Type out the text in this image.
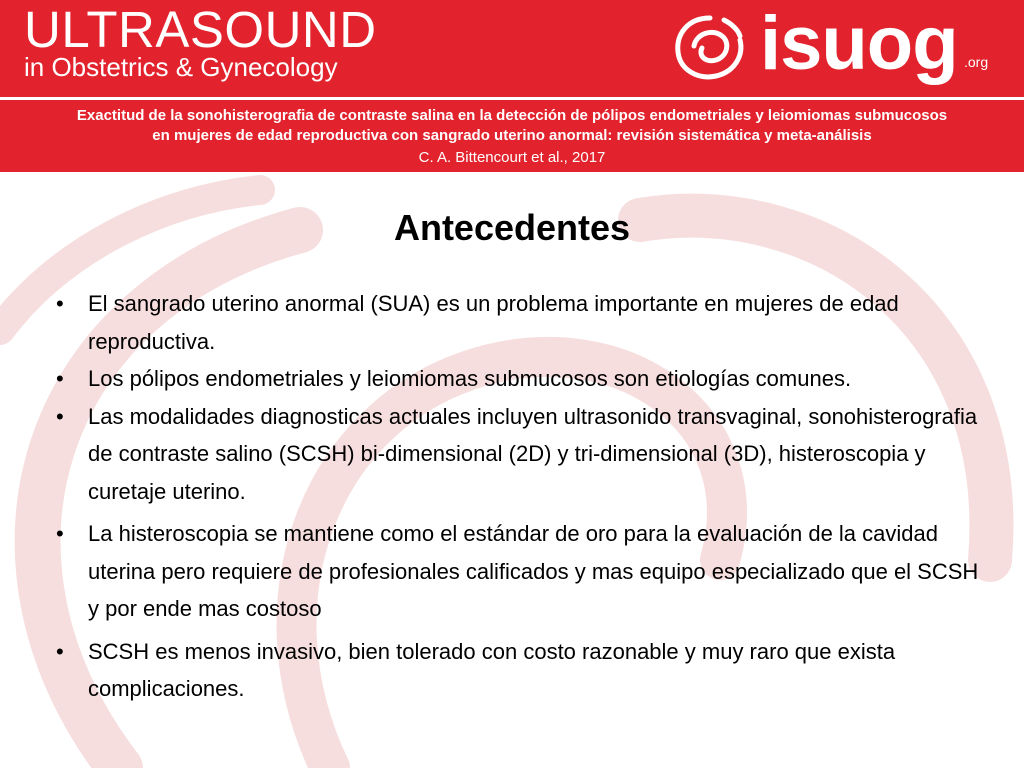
ULTRASOUND
in Obstetrics & Gynecology	isuog .org
Exactitud de la sonohisterografia de contraste salina en la detección de pólipos endometriales y leiomiomas submucosos
en mujeres de edad reproductiva con sangrado uterino anormal: revisión sistemática y meta-análisis
C. A. Bittencourt et al., 2017
Antecedentes
•	El sangrado uterino anormal (SUA) es un problema importante en mujeres de edad reproductiva.
•	Los pólipos endometriales y leiomiomas submucosos son etiologías comunes.
•	Las modalidades diagnosticas actuales incluyen ultrasonido transvaginal, sonohisterografia de contraste salino (SCSH) bi-dimensional (2D) y tri-dimensional (3D), histeroscopia y curetaje uterino.
•	La histeroscopia se mantiene como el estándar de oro para la evaluación de la cavidad uterina pero requiere de profesionales calificados y mas equipo especializado que el SCSH y por ende mas costoso
•	SCSH es menos invasivo, bien tolerado con costo razonable y muy raro que exista complicaciones.
